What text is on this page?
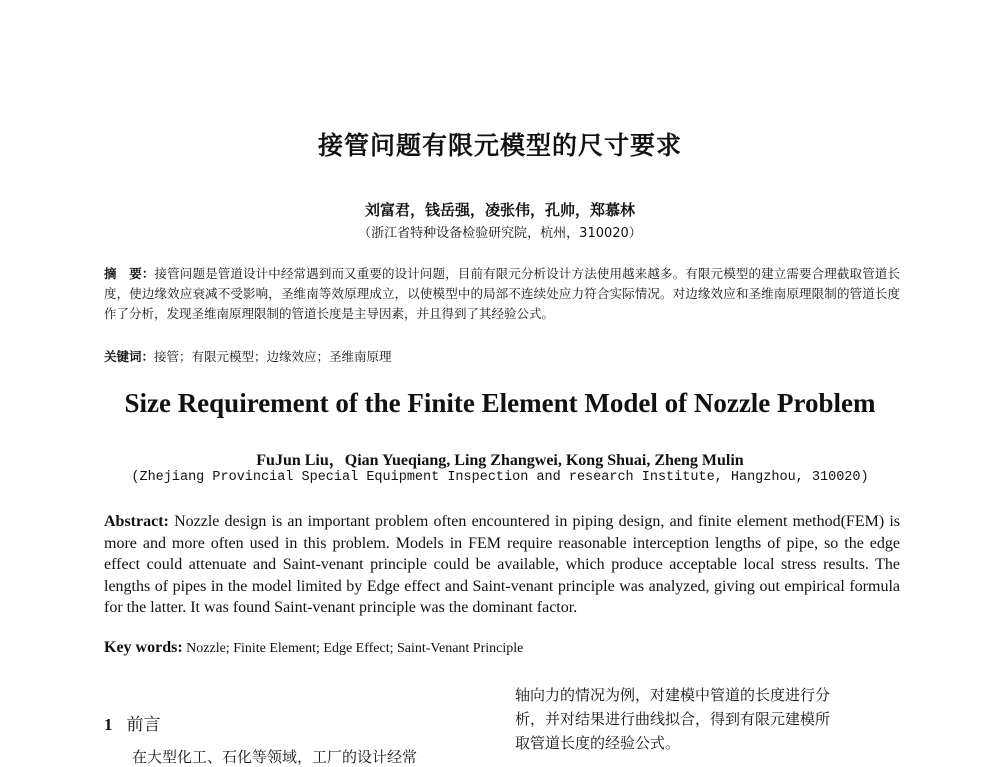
接管问题有限元模型的尺寸要求
刘富君，钱岳强，凌张伟，孔帅，郑慕林
（浙江省特种设备检验研究院，杭州，310020）
摘　要：接管问题是管道设计中经常遇到而又重要的设计问题，目前有限元分析设计方法使用越来越多。有限元模型的建立需要合理截取管道长度，使边缘效应衰减不受影响，圣维南等效原理成立，以使模型中的局部不连续处应力符合实际情况。对边缘效应和圣维南原理限制的管道长度作了分析，发现圣维南原理限制的管道长度是主导因素，并且得到了其经验公式。
关键词：接管；有限元模型；边缘效应；圣维南原理
Size Requirement of the Finite Element Model of Nozzle Problem
FuJun Liu，Qian Yueqiang, Ling Zhangwei, Kong Shuai, Zheng Mulin
(Zhejiang Provincial Special Equipment Inspection and research Institute, Hangzhou, 310020)
Abstract: Nozzle design is an important problem often encountered in piping design, and finite element method(FEM) is more and more often used in this problem. Models in FEM require reasonable interception lengths of pipe, so the edge effect could attenuate and Saint-venant principle could be available, which produce acceptable local stress results. The lengths of pipes in the model limited by Edge effect and Saint-venant principle was analyzed, giving out empirical formula for the latter. It was found Saint-venant principle was the dominant factor.
Key words: Nozzle; Finite Element; Edge Effect; Saint-Venant Principle
1 前言
在大型化工、石化等领域，工厂的设计经常
轴向力的情况为例，对建模中管道的长度进行分
析，并对结果进行曲线拟合，得到有限元建模所
取管道长度的经验公式。
